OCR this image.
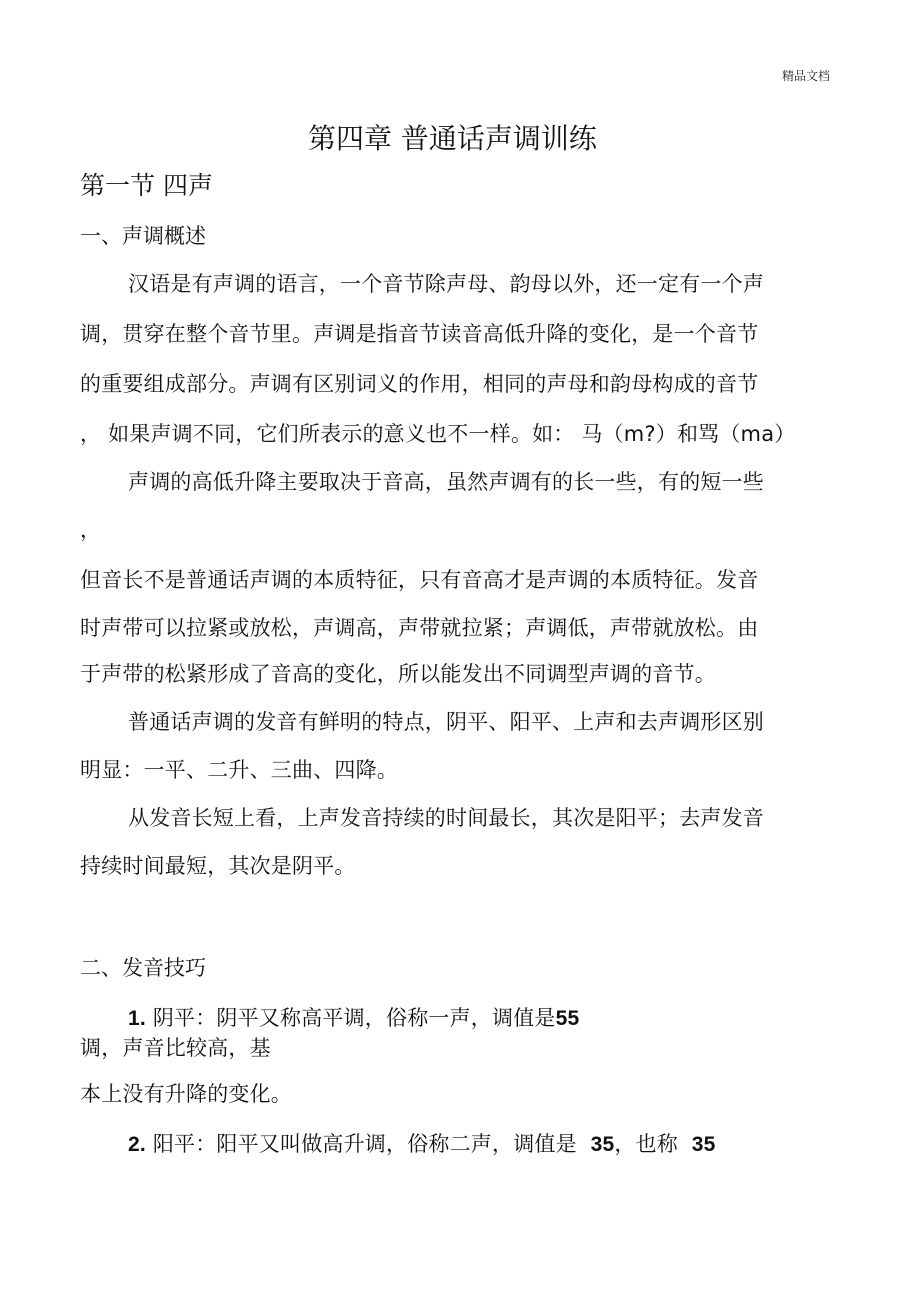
精品文档
第四章 普通话声调训练
第一节 四声
一、声调概述

汉语是有声调的语言，一个音节除声母、韵母以外，还一定有一个声

调，贯穿在整个音节里。声调是指音节读音高低升降的变化，是一个音节

的重要组成部分。声调有区别词义的作用，相同的声母和韵母构成的音节

， 如果声调不同，它们所表示的意义也不一样。如： 马（m?）和骂（ma）

声调的高低升降主要取决于音高，虽然声调有的长一些，有的短一些

，

但音长不是普通话声调的本质特征，只有音高才是声调的本质特征。发音

时声带可以拉紧或放松，声调高，声带就拉紧；声调低，声带就放松。由

于声带的松紧形成了音高的变化，所以能发出不同调型声调的音节。

普通话声调的发音有鲜明的特点，阴平、阳平、上声和去声调形区别

明显：一平、二升、三曲、四降。

从发音长短上看，上声发音持续的时间最长，其次是阳平；去声发音

持续时间最短，其次是阴平。

二、发音技巧

1. 阴平：阴平又称高平调，俗称一声，调值是55

调，声音比较高，基

本上没有升降的变化。

2. 阳平：阳平又叫做高升调，俗称二声，调值是 35，也称 35
